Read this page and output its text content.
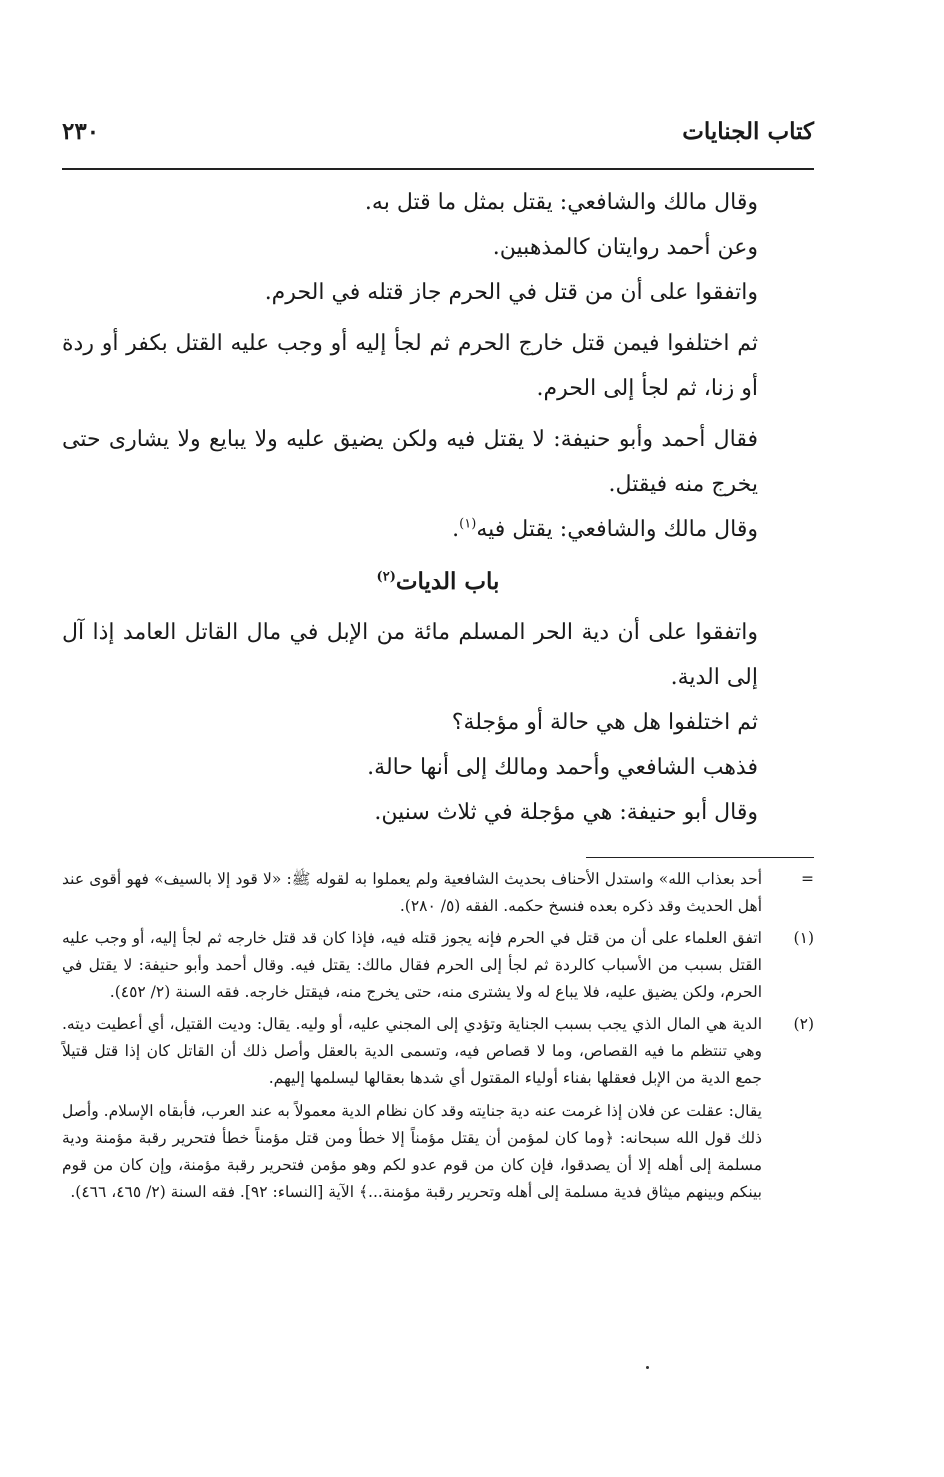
كتاب الجنايات
٢٣٠

وقال مالك والشافعي: يقتل بمثل ما قتل به.

وعن أحمد روايتان كالمذهبين.

واتفقوا على أن من قتل في الحرم جاز قتله في الحرم.

ثم اختلفوا فيمن قتل خارج الحرم ثم لجأ إليه أو وجب عليه القتل بكفر أو ردة أو زنا، ثم لجأ إلى الحرم.

فقال أحمد وأبو حنيفة: لا يقتل فيه ولكن يضيق عليه ولا يبايع ولا يشارى حتى يخرج منه فيقتل.

وقال مالك والشافعي: يقتل فيه$^{(١)}$.

باب الديات$^{(٢)}$

واتفقوا على أن دية الحر المسلم مائة من الإبل في مال القاتل العامد إذا آل إلى الدية.

ثم اختلفوا هل هي حالة أو مؤجلة؟

فذهب الشافعي وأحمد ومالك إلى أنها حالة.

وقال أبو حنيفة: هي مؤجلة في ثلاث سنين.

=

أحد بعذاب الله» واستدل الأحناف بحديث الشافعية ولم يعملوا به لقوله ﷺ: «لا قود إلا بالسيف» فهو أقوى عند أهل الحديث وقد ذكره بعده فنسخ حكمه. الفقه (٥/ ٢٨٠).

(١)

اتفق العلماء على أن من قتل في الحرم فإنه يجوز قتله فيه، فإذا كان قد قتل خارجه ثم لجأ إليه، أو وجب عليه القتل بسبب من الأسباب كالردة ثم لجأ إلى الحرم فقال مالك: يقتل فيه. وقال أحمد وأبو حنيفة: لا يقتل في الحرم، ولكن يضيق عليه، فلا يباع له ولا يشترى منه، حتى يخرج منه، فيقتل خارجه. فقه السنة (٢/ ٤٥٢).

(٢)

الدية هي المال الذي يجب بسبب الجناية وتؤدي إلى المجني عليه، أو وليه. يقال: وديت القتيل، أي أعطيت ديته. وهي تنتظم ما فيه القصاص، وما لا قصاص فيه، وتسمى الدية بالعقل وأصل ذلك أن القاتل كان إذا قتل قتيلاً جمع الدية من الإبل فعقلها بفناء أولياء المقتول أي شدها بعقالها ليسلمها إليهم.

يقال: عقلت عن فلان إذا غرمت عنه دية جنايته وقد كان نظام الدية معمولاً به عند العرب، فأبقاه الإسلام. وأصل ذلك قول الله سبحانه: ﴿وما كان لمؤمن أن يقتل مؤمناً إلا خطأ ومن قتل مؤمناً خطأ فتحرير رقبة مؤمنة ودية مسلمة إلى أهله إلا أن يصدقوا، فإن كان من قوم عدو لكم وهو مؤمن فتحرير رقبة مؤمنة، وإن كان من قوم بينكم وبينهم ميثاق فدية مسلمة إلى أهله وتحرير رقبة مؤمنة...﴾ الآية [النساء: ٩٢]. فقه السنة (٢/ ٤٦٥، ٤٦٦).
